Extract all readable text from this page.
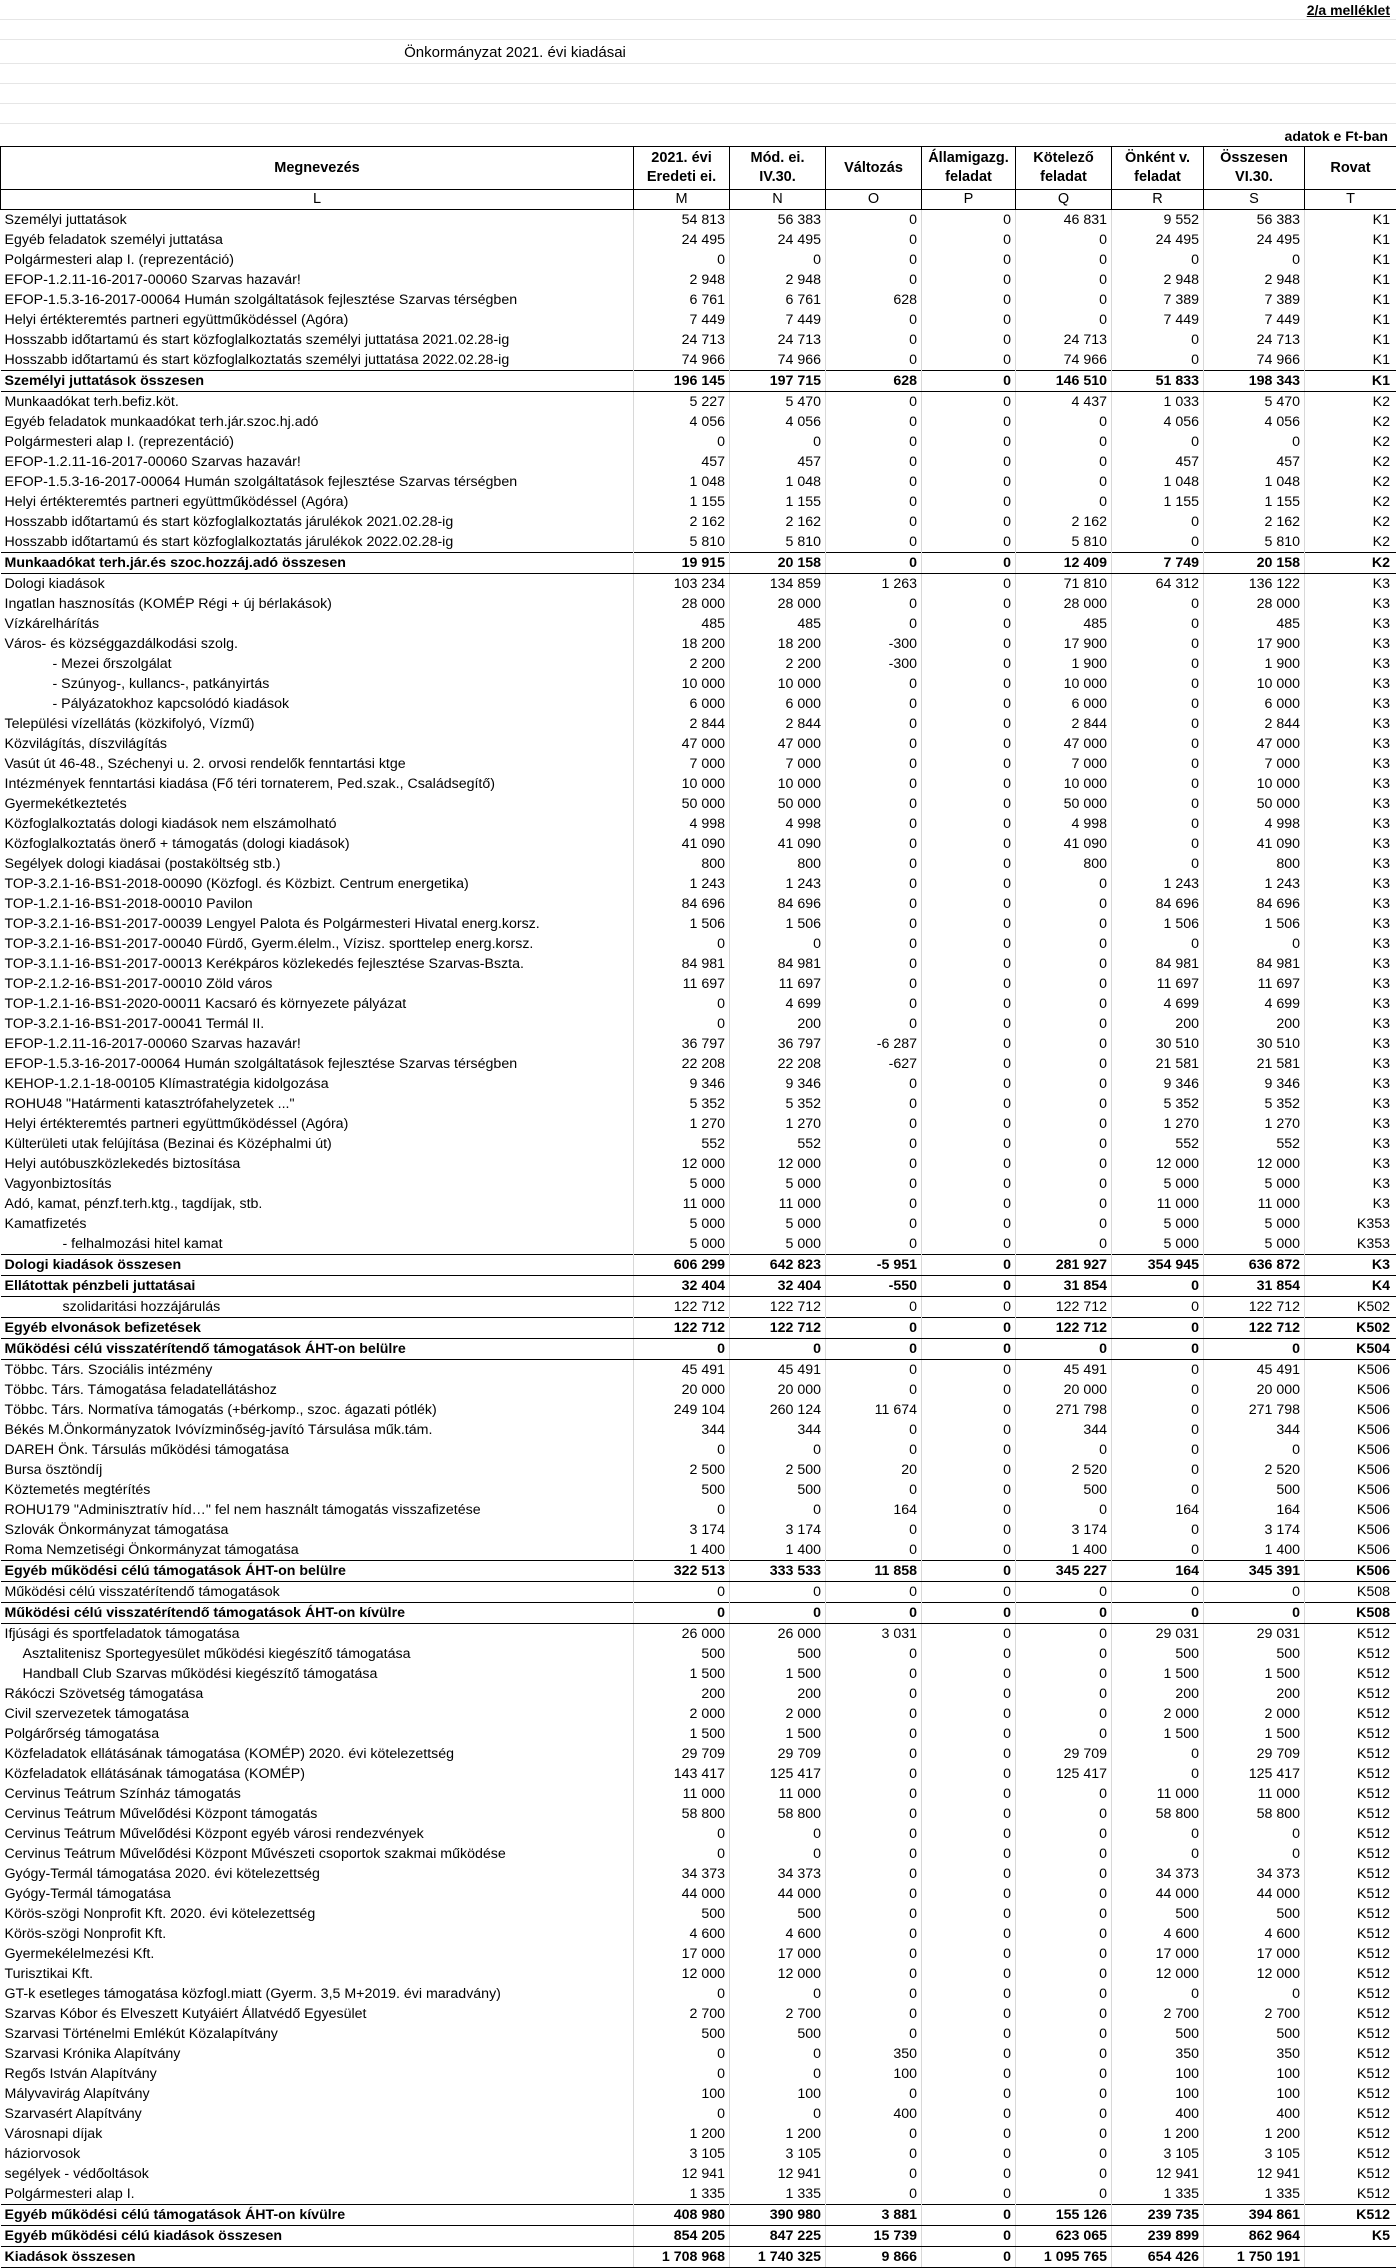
2/a melléklet
Önkormányzat 2021. évi kiadásai
adatok e Ft-ban
Megnevezés	2021. évi Eredeti ei.	Mód. ei. IV.30.	Változás	Államigazg. feladat	Kötelező feladat	Önként v. feladat	Összesen VI.30.	Rovat
L	M	N	O	P	Q	R	S	T
Személyi juttatások	54 813	56 383	0	0	46 831	9 552	56 383	K1
Egyéb feladatok személyi juttatása	24 495	24 495	0	0	0	24 495	24 495	K1
Polgármesteri alap I. (reprezentáció)	0	0	0	0	0	0	0	K1
EFOP-1.2.11-16-2017-00060 Szarvas hazavár!	2 948	2 948	0	0	0	2 948	2 948	K1
EFOP-1.5.3-16-2017-00064 Humán szolgáltatások fejlesztése Szarvas térségben	6 761	6 761	628	0	0	7 389	7 389	K1
Helyi értékteremtés partneri együttműködéssel (Agóra)	7 449	7 449	0	0	0	7 449	7 449	K1
Hosszabb időtartamú és start közfoglalkoztatás személyi juttatása 2021.02.28-ig	24 713	24 713	0	0	24 713	0	24 713	K1
Hosszabb időtartamú és start közfoglalkoztatás személyi juttatása 2022.02.28-ig	74 966	74 966	0	0	74 966	0	74 966	K1
Személyi juttatások összesen	196 145	197 715	628	0	146 510	51 833	198 343	K1
Munkaadókat terh.befiz.köt.	5 227	5 470	0	0	4 437	1 033	5 470	K2
Egyéb feladatok munkaadókat terh.jár.szoc.hj.adó	4 056	4 056	0	0	0	4 056	4 056	K2
Polgármesteri alap I. (reprezentáció)	0	0	0	0	0	0	0	K2
EFOP-1.2.11-16-2017-00060 Szarvas hazavár!	457	457	0	0	0	457	457	K2
EFOP-1.5.3-16-2017-00064 Humán szolgáltatások fejlesztése Szarvas térségben	1 048	1 048	0	0	0	1 048	1 048	K2
Helyi értékteremtés partneri együttműködéssel (Agóra)	1 155	1 155	0	0	0	1 155	1 155	K2
Hosszabb időtartamú és start közfoglalkoztatás járulékok 2021.02.28-ig	2 162	2 162	0	0	2 162	0	2 162	K2
Hosszabb időtartamú és start közfoglalkoztatás járulékok 2022.02.28-ig	5 810	5 810	0	0	5 810	0	5 810	K2
Munkaadókat terh.jár.és szoc.hozzáj.adó összesen	19 915	20 158	0	0	12 409	7 749	20 158	K2
Dologi kiadások	103 234	134 859	1 263	0	71 810	64 312	136 122	K3
Ingatlan hasznosítás (KOMÉP Régi + új bérlakások)	28 000	28 000	0	0	28 000	0	28 000	K3
Vízkárelhárítás	485	485	0	0	485	0	485	K3
Város- és községgazdálkodási szolg.	18 200	18 200	-300	0	17 900	0	17 900	K3
- Mezei őrszolgálat	2 200	2 200	-300	0	1 900	0	1 900	K3
- Szúnyog-, kullancs-, patkányirtás	10 000	10 000	0	0	10 000	0	10 000	K3
- Pályázatokhoz kapcsolódó kiadások	6 000	6 000	0	0	6 000	0	6 000	K3
Települési vízellátás (közkifolyó, Vízmű)	2 844	2 844	0	0	2 844	0	2 844	K3
Közvilágítás, díszvilágítás	47 000	47 000	0	0	47 000	0	47 000	K3
Vasút út 46-48., Széchenyi u. 2. orvosi rendelők fenntartási ktge	7 000	7 000	0	0	7 000	0	7 000	K3
Intézmények fenntartási kiadása (Fő téri tornaterem, Ped.szak., Családsegítő)	10 000	10 000	0	0	10 000	0	10 000	K3
Gyermekétkeztetés	50 000	50 000	0	0	50 000	0	50 000	K3
Közfoglalkoztatás dologi kiadások nem elszámolható	4 998	4 998	0	0	4 998	0	4 998	K3
Közfoglalkoztatás önerő + támogatás (dologi kiadások)	41 090	41 090	0	0	41 090	0	41 090	K3
Segélyek dologi kiadásai (postaköltség stb.)	800	800	0	0	800	0	800	K3
TOP-3.2.1-16-BS1-2018-00090 (Közfogl. és Közbizt. Centrum energetika)	1 243	1 243	0	0	0	1 243	1 243	K3
TOP-1.2.1-16-BS1-2018-00010 Pavilon	84 696	84 696	0	0	0	84 696	84 696	K3
TOP-3.2.1-16-BS1-2017-00039 Lengyel Palota és Polgármesteri Hivatal energ.korsz.	1 506	1 506	0	0	0	1 506	1 506	K3
TOP-3.2.1-16-BS1-2017-00040 Fürdő, Gyerm.élelm., Vízisz. sporttelep energ.korsz.	0	0	0	0	0	0	0	K3
TOP-3.1.1-16-BS1-2017-00013 Kerékpáros közlekedés fejlesztése Szarvas-Bszta.	84 981	84 981	0	0	0	84 981	84 981	K3
TOP-2.1.2-16-BS1-2017-00010 Zöld város	11 697	11 697	0	0	0	11 697	11 697	K3
TOP-1.2.1-16-BS1-2020-00011 Kacsaró és környezete pályázat	0	4 699	0	0	0	4 699	4 699	K3
TOP-3.2.1-16-BS1-2017-00041 Termál II.	0	200	0	0	0	200	200	K3
EFOP-1.2.11-16-2017-00060 Szarvas hazavár!	36 797	36 797	-6 287	0	0	30 510	30 510	K3
EFOP-1.5.3-16-2017-00064 Humán szolgáltatások fejlesztése Szarvas térségben	22 208	22 208	-627	0	0	21 581	21 581	K3
KEHOP-1.2.1-18-00105 Klímastratégia kidolgozása	9 346	9 346	0	0	0	9 346	9 346	K3
ROHU48 "Határmenti katasztrófahelyzetek ..."	5 352	5 352	0	0	0	5 352	5 352	K3
Helyi értékteremtés partneri együttműködéssel (Agóra)	1 270	1 270	0	0	0	1 270	1 270	K3
Külterületi utak felújítása (Bezinai és Középhalmi út)	552	552	0	0	0	552	552	K3
Helyi autóbuszközlekedés biztosítása	12 000	12 000	0	0	0	12 000	12 000	K3
Vagyonbiztosítás	5 000	5 000	0	0	0	5 000	5 000	K3
Adó, kamat, pénzf.terh.ktg., tagdíjak, stb.	11 000	11 000	0	0	0	11 000	11 000	K3
Kamatfizetés	5 000	5 000	0	0	0	5 000	5 000	K353
- felhalmozási hitel kamat	5 000	5 000	0	0	0	5 000	5 000	K353
Dologi kiadások összesen	606 299	642 823	-5 951	0	281 927	354 945	636 872	K3
Ellátottak pénzbeli juttatásai	32 404	32 404	-550	0	31 854	0	31 854	K4
szolidaritási hozzájárulás	122 712	122 712	0	0	122 712	0	122 712	K502
Egyéb elvonások befizetések	122 712	122 712	0	0	122 712	0	122 712	K502
Működési célú visszatérítendő támogatások ÁHT-on belülre	0	0	0	0	0	0	0	K504
Többc. Társ. Szociális intézmény	45 491	45 491	0	0	45 491	0	45 491	K506
Többc. Társ. Támogatása feladatellátáshoz	20 000	20 000	0	0	20 000	0	20 000	K506
Többc. Társ. Normatíva támogatás (+bérkomp., szoc. ágazati pótlék)	249 104	260 124	11 674	0	271 798	0	271 798	K506
Békés M.Önkormányzatok Ivóvízminőség-javító Társulása műk.tám.	344	344	0	0	344	0	344	K506
DAREH Önk. Társulás működési támogatása	0	0	0	0	0	0	0	K506
Bursa ösztöndíj	2 500	2 500	20	0	2 520	0	2 520	K506
Köztemetés megtérítés	500	500	0	0	500	0	500	K506
ROHU179 "Adminisztratív híd…" fel nem használt támogatás visszafizetése	0	0	164	0	0	164	164	K506
Szlovák Önkormányzat támogatása	3 174	3 174	0	0	3 174	0	3 174	K506
Roma Nemzetiségi Önkormányzat támogatása	1 400	1 400	0	0	1 400	0	1 400	K506
Egyéb működési célú támogatások ÁHT-on belülre	322 513	333 533	11 858	0	345 227	164	345 391	K506
Működési célú visszatérítendő támogatások	0	0	0	0	0	0	0	K508
Működési célú visszatérítendő támogatások ÁHT-on kívülre	0	0	0	0	0	0	0	K508
Ifjúsági és sportfeladatok támogatása	26 000	26 000	3 031	0	0	29 031	29 031	K512
Asztalitenisz Sportegyesület működési kiegészítő támogatása	500	500	0	0	0	500	500	K512
Handball Club Szarvas működési kiegészítő támogatása	1 500	1 500	0	0	0	1 500	1 500	K512
Rákóczi Szövetség támogatása	200	200	0	0	0	200	200	K512
Civil szervezetek támogatása	2 000	2 000	0	0	0	2 000	2 000	K512
Polgárőrség támogatása	1 500	1 500	0	0	0	1 500	1 500	K512
Közfeladatok ellátásának támogatása (KOMÉP) 2020. évi kötelezettség	29 709	29 709	0	0	29 709	0	29 709	K512
Közfeladatok ellátásának támogatása (KOMÉP)	143 417	125 417	0	0	125 417	0	125 417	K512
Cervinus Teátrum Színház támogatás	11 000	11 000	0	0	0	11 000	11 000	K512
Cervinus Teátrum Művelődési Központ támogatás	58 800	58 800	0	0	0	58 800	58 800	K512
Cervinus Teátrum Művelődési Központ egyéb városi rendezvények	0	0	0	0	0	0	0	K512
Cervinus Teátrum Művelődési Központ Művészeti csoportok szakmai működése	0	0	0	0	0	0	0	K512
Gyógy-Termál támogatása 2020. évi kötelezettség	34 373	34 373	0	0	0	34 373	34 373	K512
Gyógy-Termál támogatása	44 000	44 000	0	0	0	44 000	44 000	K512
Körös-szögi Nonprofit Kft. 2020. évi kötelezettség	500	500	0	0	0	500	500	K512
Körös-szögi Nonprofit Kft.	4 600	4 600	0	0	0	4 600	4 600	K512
Gyermekélelmezési Kft.	17 000	17 000	0	0	0	17 000	17 000	K512
Turisztikai Kft.	12 000	12 000	0	0	0	12 000	12 000	K512
GT-k esetleges támogatása közfogl.miatt (Gyerm. 3,5 M+2019. évi maradvány)	0	0	0	0	0	0	0	K512
Szarvas Kóbor és Elveszett Kutyáiért Állatvédő Egyesület	2 700	2 700	0	0	0	2 700	2 700	K512
Szarvasi Történelmi Emlékút Közalapítvány	500	500	0	0	0	500	500	K512
Szarvasi Krónika Alapítvány	0	0	350	0	0	350	350	K512
Regős István Alapítvány	0	0	100	0	0	100	100	K512
Mályvavirág Alapítvány	100	100	0	0	0	100	100	K512
Szarvasért Alapítvány	0	0	400	0	0	400	400	K512
Városnapi díjak	1 200	1 200	0	0	0	1 200	1 200	K512
háziorvosok	3 105	3 105	0	0	0	3 105	3 105	K512
segélyek - védőoltások	12 941	12 941	0	0	0	12 941	12 941	K512
Polgármesteri alap I.	1 335	1 335	0	0	0	1 335	1 335	K512
Egyéb működési célú támogatások ÁHT-on kívülre	408 980	390 980	3 881	0	155 126	239 735	394 861	K512
Egyéb működési célú kiadások összesen	854 205	847 225	15 739	0	623 065	239 899	862 964	K5
Kiadások összesen	1 708 968	1 740 325	9 866	0	1 095 765	654 426	1 750 191	
